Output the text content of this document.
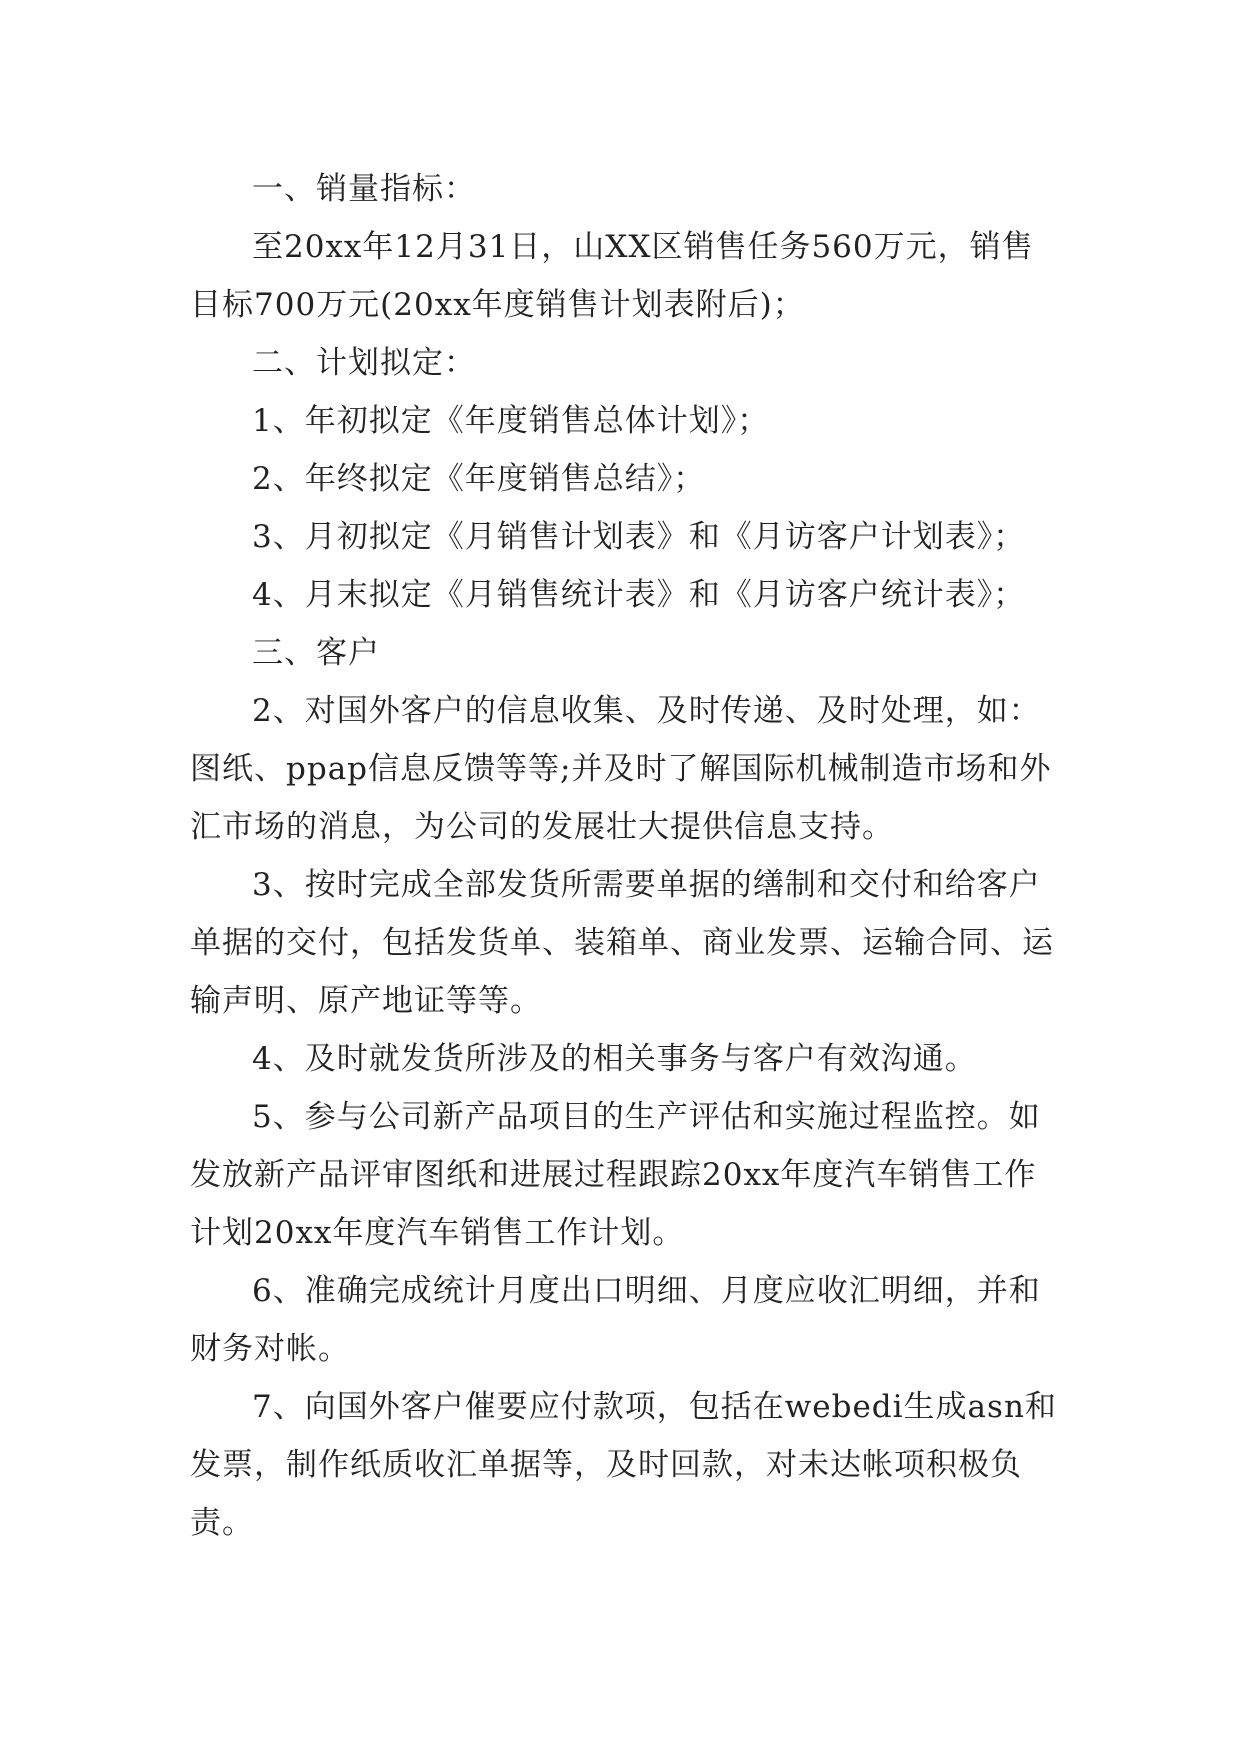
一、销量指标：

至20xx年12月31日，山XX区销售任务560万元，销售目标700万元(20xx年度销售计划表附后)；

二、计划拟定：

1、年初拟定《年度销售总体计划》；

2、年终拟定《年度销售总结》；

3、月初拟定《月销售计划表》和《月访客户计划表》；

4、月末拟定《月销售统计表》和《月访客户统计表》；

三、客户

2、对国外客户的信息收集、及时传递、及时处理，如：图纸、ppap信息反馈等等;并及时了解国际机械制造市场和外汇市场的消息，为公司的发展壮大提供信息支持。

3、按时完成全部发货所需要单据的缮制和交付和给客户单据的交付，包括发货单、装箱单、商业发票、运输合同、运输声明、原产地证等等。

4、及时就发货所涉及的相关事务与客户有效沟通。

5、参与公司新产品项目的生产评估和实施过程监控。如发放新产品评审图纸和进展过程跟踪20xx年度汽车销售工作计划20xx年度汽车销售工作计划。

6、准确完成统计月度出口明细、月度应收汇明细，并和财务对帐。

7、向国外客户催要应付款项，包括在webedi生成asn和发票，制作纸质收汇单据等，及时回款，对未达帐项积极负责。
